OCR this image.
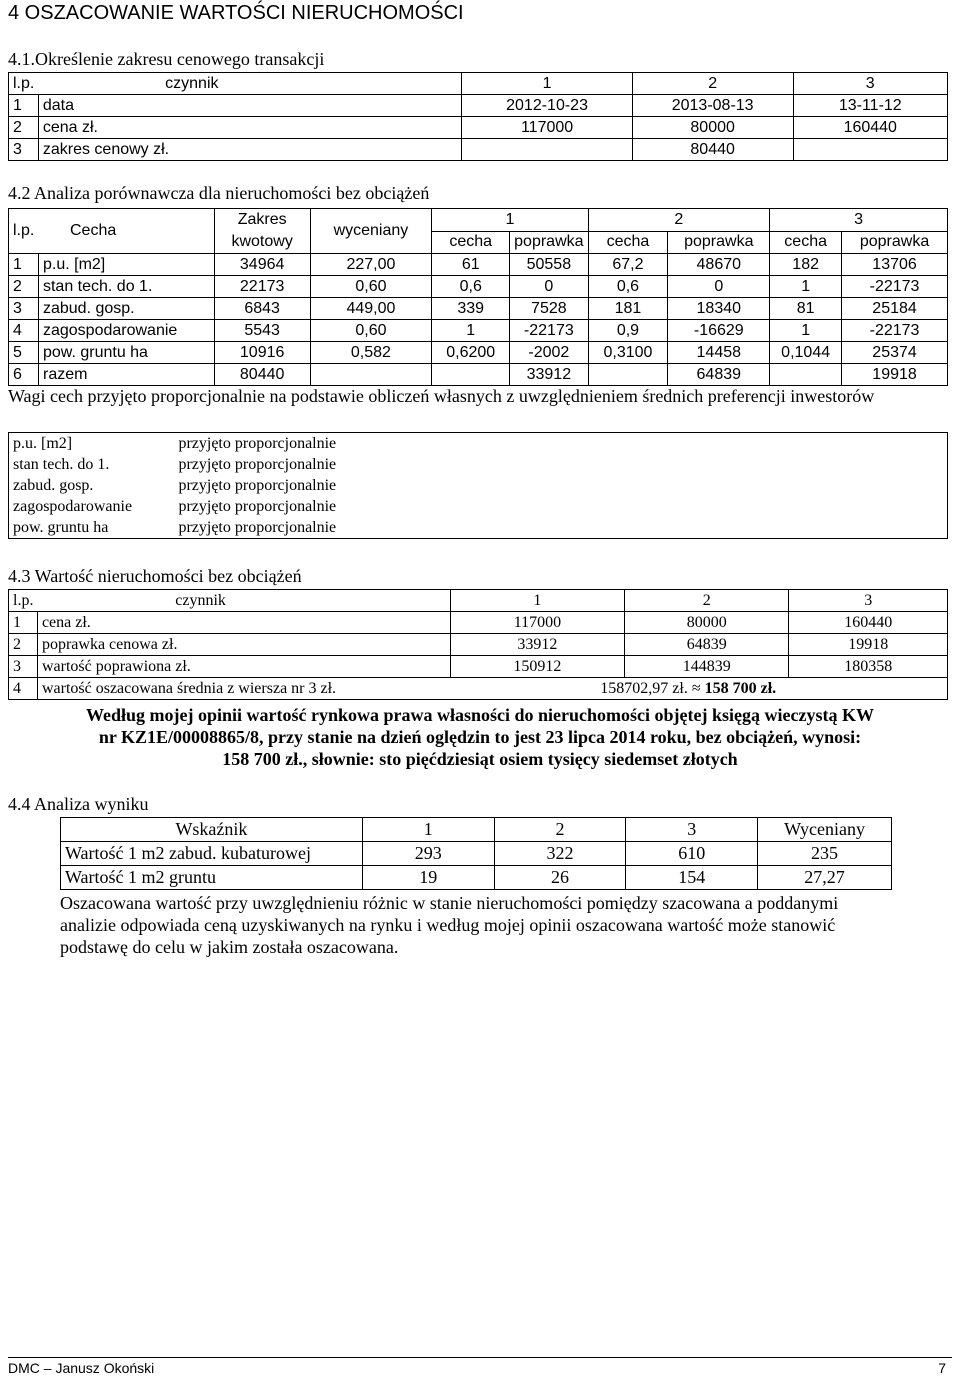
4 OSZACOWANIE WARTOŚCI NIERUCHOMOŚCI
4.1.Określenie zakresu cenowego transakcji
l.p.	czynnik	1	2	3
1	data	2012-10-23	2013-08-13	13-11-12
2	cena zł.	117000	80000	160440
3	zakres cenowy zł.		80440	
4.2 Analiza porównawcza dla nieruchomości bez obciążeń
l.p.	Cecha	Zakres kwotowy	wyceniany	1		2		3	
				cecha	poprawka	cecha	poprawka	cecha	poprawka
1	p.u. [m2]	34964	227,00	61	50558	67,2	48670	182	13706
2	stan tech. do 1.	22173	0,60	0,6	0	0,6	0	1	-22173
3	zabud. gosp.	6843	449,00	339	7528	181	18340	81	25184
4	zagospodarowanie	5543	0,60	1	-22173	0,9	-16629	1	-22173
5	pow. gruntu ha	10916	0,582	0,6200	-2002	0,3100	14458	0,1044	25374
6	razem	80440			33912		64839		19918
Wagi cech przyjęto proporcjonalnie na podstawie obliczeń własnych z uwzględnieniem średnich preferencji inwestorów
p.u. [m2]	przyjęto proporcjonalnie
stan tech. do 1.	przyjęto proporcjonalnie
zabud. gosp.	przyjęto proporcjonalnie
zagospodarowanie	przyjęto proporcjonalnie
pow. gruntu ha	przyjęto proporcjonalnie
4.3 Wartość nieruchomości bez obciążeń
l.p.	czynnik	1	2	3
1	cena zł.	117000	80000	160440
2	poprawka cenowa zł.	33912	64839	19918
3	wartość poprawiona zł.	150912	144839	180358
4	wartość oszacowana średnia z wiersza nr 3 zł.	158702,97 zł. ≈ 158 700 zł.		
Według mojej opinii wartość rynkowa prawa własności do nieruchomości objętej księgą wieczystą KW
nr KZ1E/00008865/8, przy stanie na dzień oględzin to jest 23 lipca 2014 roku, bez obciążeń, wynosi:
158 700 zł., słownie: sto pięćdziesiąt osiem tysięcy siedemset złotych
4.4 Analiza wyniku
Wskaźnik	1	2	3	Wyceniany
Wartość 1 m2 zabud. kubaturowej	293	322	610	235
Wartość 1 m2 gruntu	19	26	154	27,27
Oszacowana wartość przy uwzględnieniu różnic w stanie nieruchomości pomiędzy szacowana a poddanymi
analizie odpowiada ceną uzyskiwanych na rynku i według mojej opinii oszacowana wartość może stanowić
podstawę do celu w jakim została oszacowana.
DMC – Janusz Okoński	7
